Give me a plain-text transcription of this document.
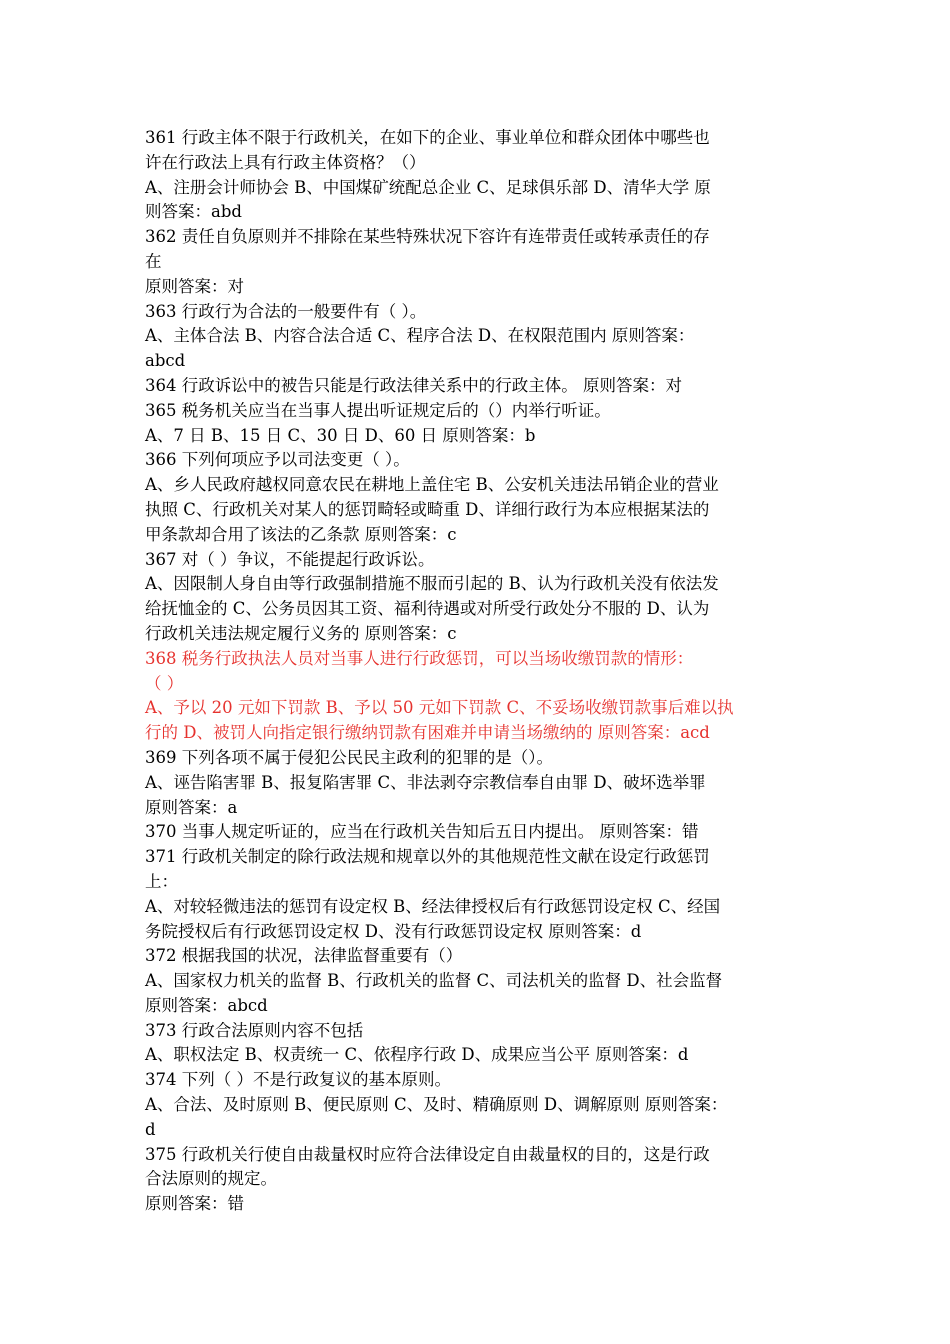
361 行政主体不限于行政机关，在如下的企业、事业单位和群众团体中哪些也
许在行政法上具有行政主体资格？（）
A、注册会计师协会 B、中国煤矿统配总企业 C、足球俱乐部 D、清华大学 原
则答案：abd
362 责任自负原则并不排除在某些特殊状况下容许有连带责任或转承责任的存
在
原则答案：对
363 行政行为合法的一般要件有（ ）。
A、主体合法 B、内容合法合适 C、程序合法 D、在权限范围内 原则答案：
abcd
364 行政诉讼中的被告只能是行政法律关系中的行政主体。 原则答案：对
365 税务机关应当在当事人提出听证规定后的（）内举行听证。
A、7 日 B、15 日 C、30 日 D、60 日 原则答案：b
366 下列何项应予以司法变更（ ）。
A、乡人民政府越权同意农民在耕地上盖住宅 B、公安机关违法吊销企业的营业
执照 C、行政机关对某人的惩罚畸轻或畸重 D、详细行政行为本应根据某法的
甲条款却合用了该法的乙条款 原则答案：c
367 对（ ）争议，不能提起行政诉讼。
A、因限制人身自由等行政强制措施不服而引起的 B、认为行政机关没有依法发
给抚恤金的 C、公务员因其工资、福利待遇或对所受行政处分不服的 D、认为
行政机关违法规定履行义务的 原则答案：c
368 税务行政执法人员对当事人进行行政惩罚，可以当场收缴罚款的情形：
（ ）
A、予以 20 元如下罚款 B、予以 50 元如下罚款 C、不妥场收缴罚款事后难以执
行的 D、被罚人向指定银行缴纳罚款有困难并申请当场缴纳的 原则答案：acd
369 下列各项不属于侵犯公民民主政利的犯罪的是（）。
A、诬告陷害罪 B、报复陷害罪 C、非法剥夺宗教信奉自由罪 D、破坏选举罪
原则答案：a
370 当事人规定听证的，应当在行政机关告知后五日内提出。 原则答案：错
371 行政机关制定的除行政法规和规章以外的其他规范性文献在设定行政惩罚
上：
A、对较轻微违法的惩罚有设定权 B、经法律授权后有行政惩罚设定权 C、经国
务院授权后有行政惩罚设定权 D、没有行政惩罚设定权 原则答案：d
372 根据我国的状况，法律监督重要有（）
A、国家权力机关的监督 B、行政机关的监督 C、司法机关的监督 D、社会监督
原则答案：abcd
373 行政合法原则内容不包括
A、职权法定 B、权责统一 C、依程序行政 D、成果应当公平 原则答案：d
374 下列（ ）不是行政复议的基本原则。
A、合法、及时原则 B、便民原则 C、及时、精确原则 D、调解原则 原则答案：
d
375 行政机关行使自由裁量权时应符合法律设定自由裁量权的目的，这是行政
合法原则的规定。
原则答案：错
